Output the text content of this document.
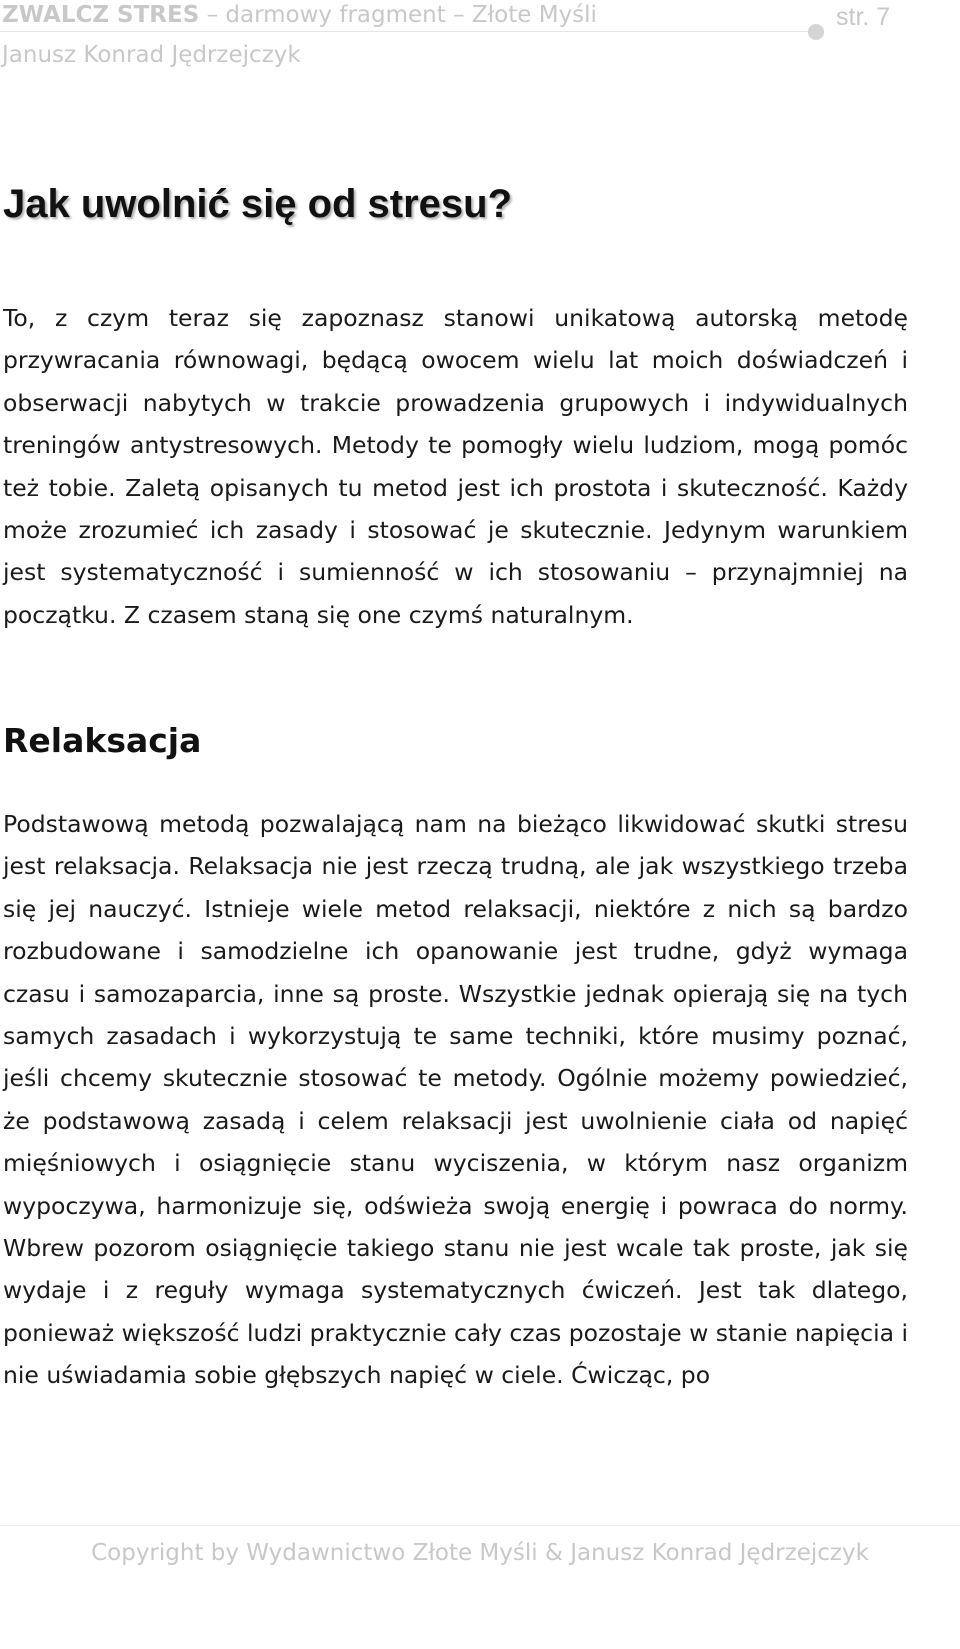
ZWALCZ STRES – darmowy fragment – Złote Myśli
Janusz Konrad Jędrzejczyk
str. 7
Jak uwolnić się od stresu?

To, z czym teraz się zapoznasz stanowi unikatową autorską metodę przywracania równowagi, będącą owocem wielu lat moich doświadczeń i obserwacji nabytych w trakcie prowadzenia grupowych i indywidualnych treningów antystresowych. Metody te pomogły wielu ludziom, mogą pomóc też tobie. Zaletą opisanych tu metod jest ich prostota i skuteczność. Każdy może zrozumieć ich zasady i stosować je skutecznie. Jedynym warunkiem jest systematyczność i sumienność w ich stosowaniu – przynajmniej na początku. Z czasem staną się one czymś naturalnym.

Relaksacja

Podstawową metodą pozwalającą nam na bieżąco likwidować skutki stresu jest relaksacja. Relaksacja nie jest rzeczą trudną, ale jak wszystkiego trzeba się jej nauczyć. Istnieje wiele metod relaksacji, niektóre z nich są bardzo rozbudowane i samodzielne ich opanowanie jest trudne, gdyż wymaga czasu i samozaparcia, inne są proste. Wszystkie jednak opierają się na tych samych zasadach i wykorzystują te same techniki, które musimy poznać, jeśli chcemy skutecznie stosować te metody. Ogólnie możemy powiedzieć, że podstawową zasadą i celem relaksacji jest uwolnienie ciała od napięć mięśniowych i osiągnięcie stanu wyciszenia, w którym nasz organizm wypoczywa, harmonizuje się, odświeża swoją energię i powraca do normy. Wbrew pozorom osiągnięcie takiego stanu nie jest wcale tak proste, jak się wydaje i z reguły wymaga systematycznych ćwiczeń. Jest tak dlatego, ponieważ większość ludzi praktycznie cały czas pozostaje w stanie napięcia i nie uświadamia sobie głębszych napięć w ciele. Ćwicząc, po

Copyright by Wydawnictwo Złote Myśli & Janusz Konrad Jędrzejczyk
